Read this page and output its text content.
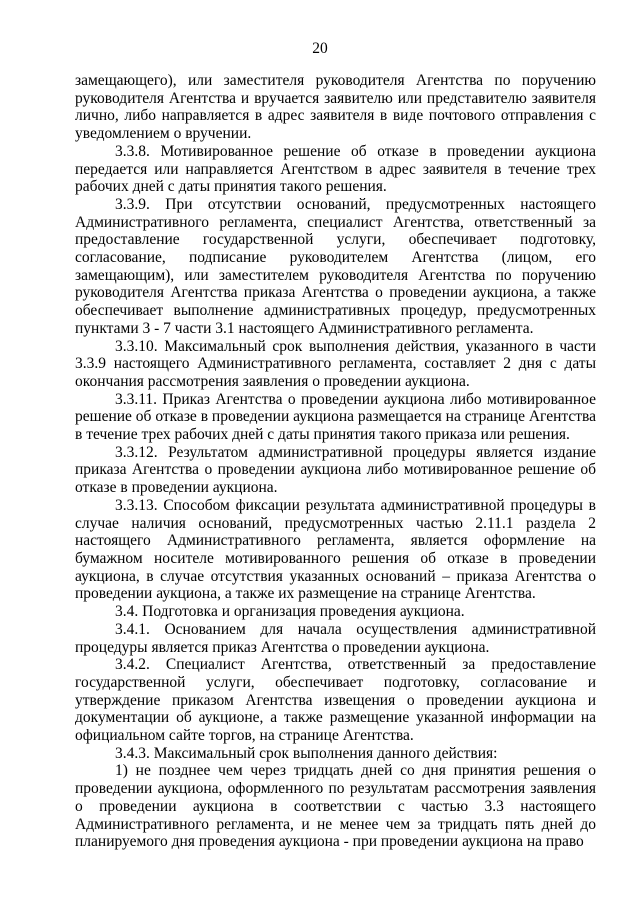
20

замещающего), или заместителя руководителя Агентства по поручению руководителя Агентства и вручается заявителю или представителю заявителя лично, либо направляется в адрес заявителя в виде почтового отправления с уведомлением о вручении.

3.3.8. Мотивированное решение об отказе в проведении аукциона передается или направляется Агентством в адрес заявителя в течение трех рабочих дней с даты принятия такого решения.

3.3.9. При отсутствии оснований, предусмотренных настоящего Административного регламента, специалист Агентства, ответственный за предоставление государственной услуги, обеспечивает подготовку, согласование, подписание руководителем Агентства (лицом, его замещающим), или заместителем руководителя Агентства по поручению руководителя Агентства приказа Агентства о проведении аукциона, а также обеспечивает выполнение административных процедур, предусмотренных пунктами 3 - 7 части 3.1 настоящего Административного регламента.

3.3.10. Максимальный срок выполнения действия, указанного в части 3.3.9 настоящего Административного регламента, составляет 2 дня с даты окончания рассмотрения заявления о проведении аукциона.

3.3.11. Приказ Агентства о проведении аукциона либо мотивированное решение об отказе в проведении аукциона размещается на странице Агентства в течение трех рабочих дней с даты принятия такого приказа или решения.

3.3.12. Результатом административной процедуры является издание приказа Агентства о проведении аукциона либо мотивированное решение об отказе в проведении аукциона.

3.3.13. Способом фиксации результата административной процедуры в случае наличия оснований, предусмотренных частью 2.11.1 раздела 2 настоящего Административного регламента, является оформление на бумажном носителе мотивированного решения об отказе в проведении аукциона, в случае отсутствия указанных оснований – приказа Агентства о проведении аукциона, а также их размещение на странице Агентства.

3.4. Подготовка и организация проведения аукциона.

3.4.1. Основанием для начала осуществления административной процедуры является приказ Агентства о проведении аукциона.

3.4.2. Специалист Агентства, ответственный за предоставление государственной услуги, обеспечивает подготовку, согласование и утверждение приказом Агентства извещения о проведении аукциона и документации об аукционе, а также размещение указанной информации на официальном сайте торгов, на странице Агентства.

3.4.3. Максимальный срок выполнения данного действия:

1) не позднее чем через тридцать дней со дня принятия решения о проведении аукциона, оформленного по результатам рассмотрения заявления о проведении аукциона в соответствии с частью 3.3 настоящего Административного регламента, и не менее чем за тридцать пять дней до планируемого дня проведения аукциона - при проведении аукциона на право
